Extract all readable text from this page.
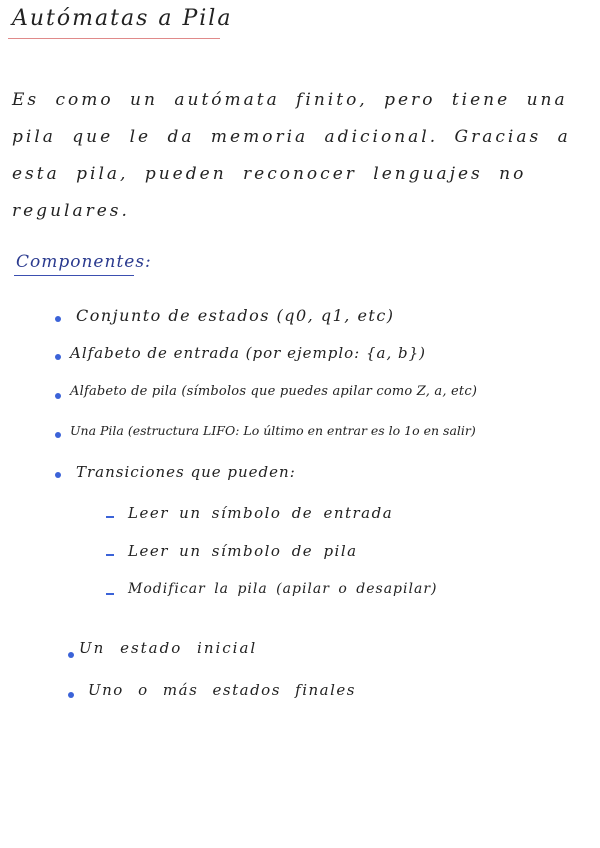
Autómatas a Pila
Es como un autómata finito, pero tiene una
pila que le da memoria adicional. Gracias a
esta pila, pueden reconocer lenguajes no
regulares.
Componentes:
Conjunto de estados (q0, q1, etc)
Alfabeto de entrada (por ejemplo: {a, b})
Alfabeto de pila (símbolos que puedes apilar como Z, a, etc)
Una Pila (estructura LIFO: Lo último en entrar es lo 1o en salir)
Transiciones que pueden:
Leer un símbolo de entrada
Leer un símbolo de pila
Modificar la pila (apilar o desapilar)
Un estado inicial
Uno o más estados finales
